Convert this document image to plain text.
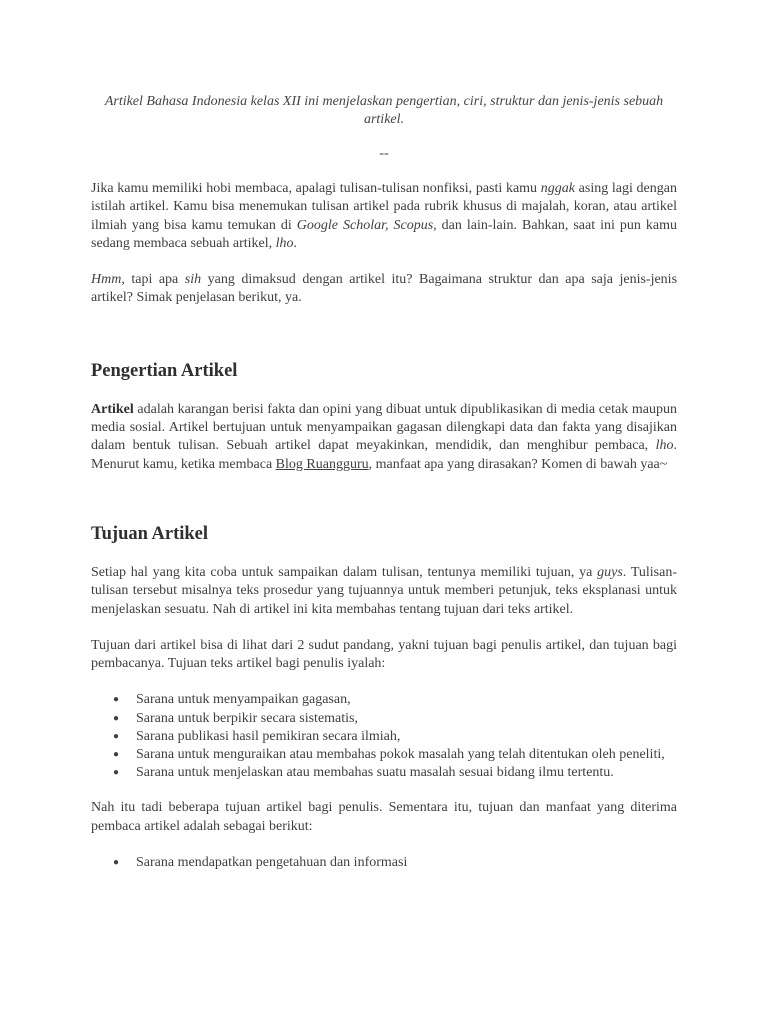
Artikel Bahasa Indonesia kelas XII ini menjelaskan pengertian, ciri, struktur dan jenis-jenis sebuah artikel.

--

Jika kamu memiliki hobi membaca, apalagi tulisan-tulisan nonfiksi, pasti kamu nggak asing lagi dengan istilah artikel. Kamu bisa menemukan tulisan artikel pada rubrik khusus di majalah, koran, atau artikel ilmiah yang bisa kamu temukan di Google Scholar, Scopus, dan lain-lain. Bahkan, saat ini pun kamu sedang membaca sebuah artikel, lho.

Hmm, tapi apa sih yang dimaksud dengan artikel itu? Bagaimana struktur dan apa saja jenis-jenis artikel? Simak penjelasan berikut, ya.

Pengertian Artikel

Artikel adalah karangan berisi fakta dan opini yang dibuat untuk dipublikasikan di media cetak maupun media sosial. Artikel bertujuan untuk menyampaikan gagasan dilengkapi data dan fakta yang disajikan dalam bentuk tulisan. Sebuah artikel dapat meyakinkan, mendidik, dan menghibur pembaca, lho. Menurut kamu, ketika membaca Blog Ruangguru, manfaat apa yang dirasakan? Komen di bawah yaa~

Tujuan Artikel

Setiap hal yang kita coba untuk sampaikan dalam tulisan, tentunya memiliki tujuan, ya guys. Tulisan-tulisan tersebut misalnya teks prosedur yang tujuannya untuk memberi petunjuk, teks eksplanasi untuk menjelaskan sesuatu. Nah di artikel ini kita membahas tentang tujuan dari teks artikel.

Tujuan dari artikel bisa di lihat dari 2 sudut pandang, yakni tujuan bagi penulis artikel, dan tujuan bagi pembacanya. Tujuan teks artikel bagi penulis iyalah:

● Sarana untuk menyampaikan gagasan,
● Sarana untuk berpikir secara sistematis,
● Sarana publikasi hasil pemikiran secara ilmiah,
● Sarana untuk menguraikan atau membahas pokok masalah yang telah ditentukan oleh peneliti,
● Sarana untuk menjelaskan atau membahas suatu masalah sesuai bidang ilmu tertentu.

Nah itu tadi beberapa tujuan artikel bagi penulis. Sementara itu, tujuan dan manfaat yang diterima pembaca artikel adalah sebagai berikut:

● Sarana mendapatkan pengetahuan dan informasi
